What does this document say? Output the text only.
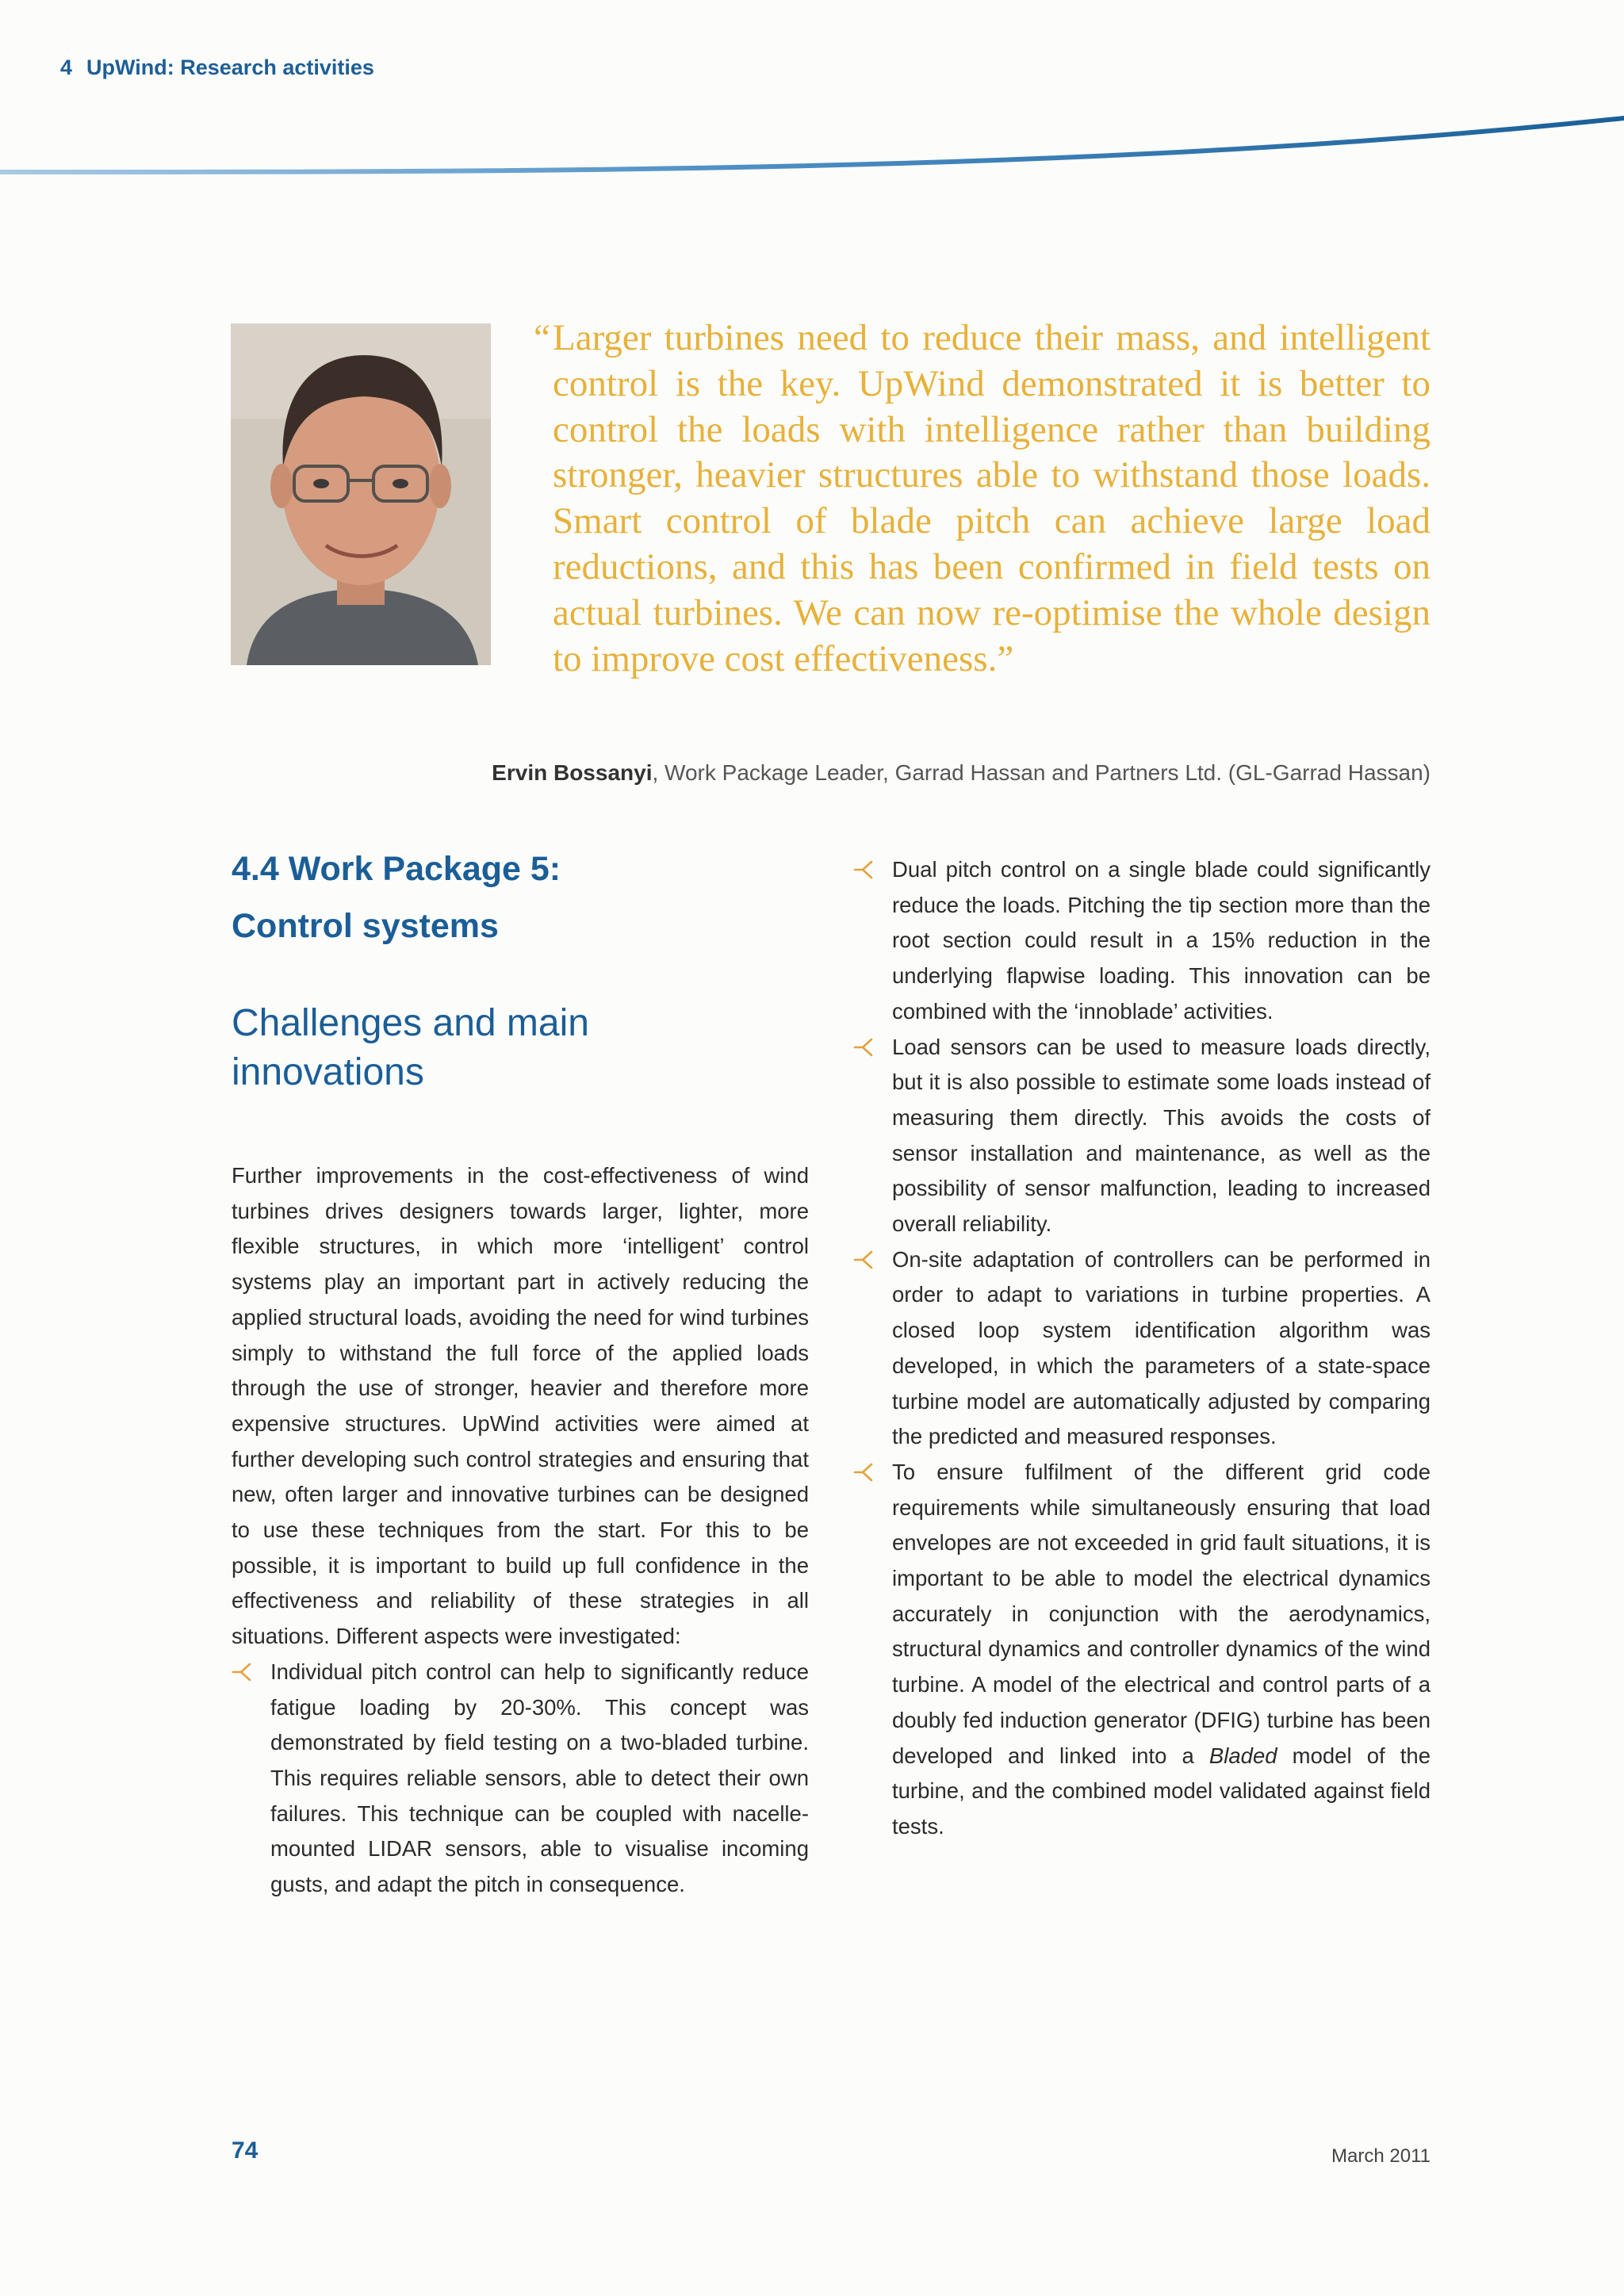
4 UpWind: Research activities
“ Larger turbines need to reduce their mass, and intelligent control is the key. UpWind demonstrated it is better to control the loads with intelligence rather than building stronger, heavier structures able to withstand those loads. Smart control of blade pitch can achieve large load reductions, and this has been confirmed in field tests on actual turbines. We can now re-optimise the whole design to improve cost effectiveness.”
Ervin Bossanyi, Work Package Leader, Garrad Hassan and Partners Ltd. (GL-Garrad Hassan)
4.4 Work Package 5:
Control systems
Challenges and main innovations

Further improvements in the cost-effectiveness of wind turbines drives designers towards larger, lighter, more flexible structures, in which more ‘intelligent’ control systems play an important part in actively reducing the applied structural loads, avoiding the need for wind turbines simply to withstand the full force of the applied loads through the use of stronger, heavier and therefore more expensive structures. UpWind activities were aimed at further developing such control strategies and ensuring that new, often larger and innovative turbines can be designed to use these techniques from the start. For this to be possible, it is important to build up full confidence in the effectiveness and reliability of these strategies in all situations. Different aspects were investigated:

Individual pitch control can help to significantly reduce fatigue loading by 20-30%. This concept was demonstrated by field testing on a two-bladed turbine. This requires reliable sensors, able to detect their own failures. This technique can be coupled with nacelle-mounted LIDAR sensors, able to visualise incoming gusts, and adapt the pitch in consequence.
Dual pitch control on a single blade could significantly reduce the loads. Pitching the tip section more than the root section could result in a 15% reduction in the underlying flapwise loading. This innovation can be combined with the ‘innoblade’ activities.
Load sensors can be used to measure loads directly, but it is also possible to estimate some loads instead of measuring them directly. This avoids the costs of sensor installation and maintenance, as well as the possibility of sensor malfunction, leading to increased overall reliability.
On-site adaptation of controllers can be performed in order to adapt to variations in turbine properties. A closed loop system identification algorithm was developed, in which the parameters of a state-space turbine model are automatically adjusted by comparing the predicted and measured responses.
To ensure fulfilment of the different grid code requirements while simultaneously ensuring that load envelopes are not exceeded in grid fault situations, it is important to be able to model the electrical dynamics accurately in conjunction with the aerodynamics, structural dynamics and controller dynamics of the wind turbine. A model of the electrical and control parts of a doubly fed induction generator (DFIG) turbine has been developed and linked into a Bladed model of the turbine, and the combined model validated against field tests.
74	March 2011
